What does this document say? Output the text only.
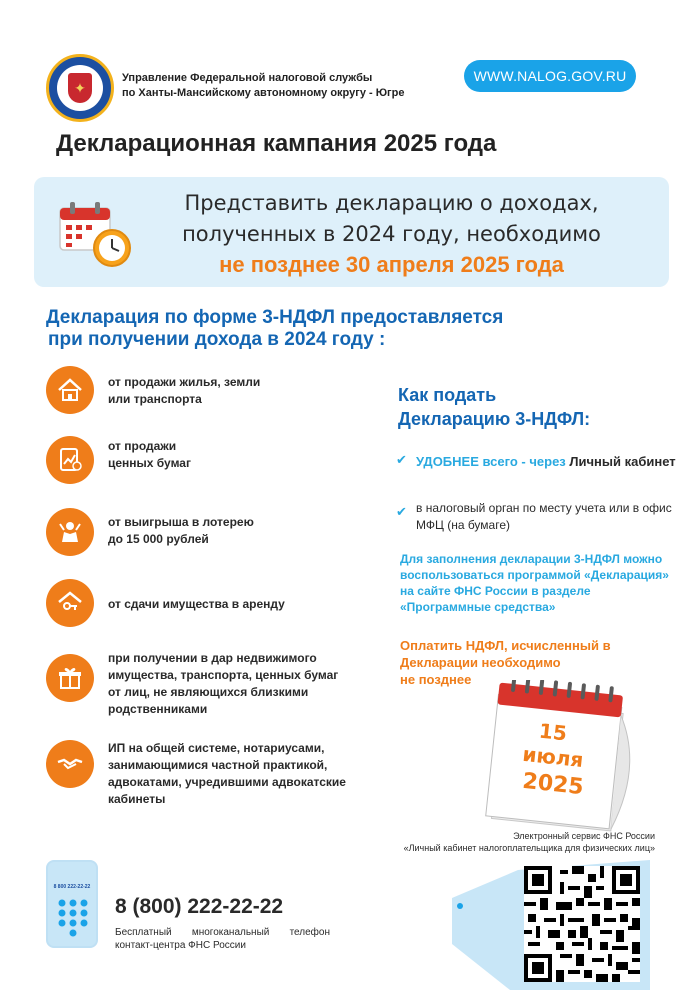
✦
Управление Федеральной налоговой службы
по Ханты-Мансийскому автономному округу - Югре
WWW.NALOG.GOV.RU
Декларационная кампания 2025 года
Представить декларацию о доходах,
полученных в 2024 году, необходимо
не позднее 30 апреля 2025 года
Декларация по форме 3-НДФЛ предоставляется
при получении дохода в 2024 году :
от продажи жилья, земли
или транспорта
от продажи
ценных бумаг
от выигрыша в лотерею
до 15 000 рублей
от сдачи имущества в аренду
при получении в дар недвижимого
имущества, транспорта, ценных бумаг
от лиц, не являющихся близкими
родственниками
ИП на общей системе, нотариусами,
занимающимися частной практикой,
адвокатами, учредившими адвокатские
кабинеты
Как подать
Декларацию 3-НДФЛ:
✔ УДОБНЕЕ всего - через Личный кабинет
✔ в налоговый орган по месту учета или в офис МФЦ (на бумаге)
Для заполнения декларации 3-НДФЛ можно воспользоваться программой «Декларация» на сайте ФНС России в разделе «Программные средства»
Оплатить НДФЛ, исчисленный в
Декларации необходимо
не позднее
15
июля
2025
Электронный сервис ФНС России
«Личный кабинет налогоплательщика для физических лиц»
8 800 222-22-22
8 (800) 222-22-22
Бесплатный многоканальный телефон
контакт-центра ФНС России
